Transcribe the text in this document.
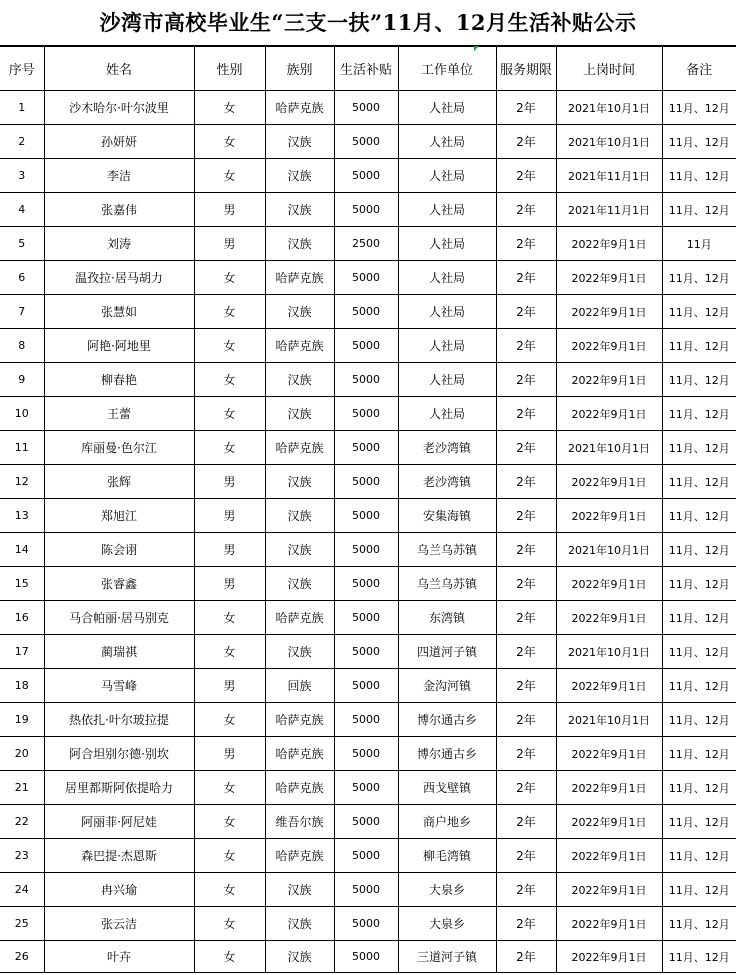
沙湾市高校毕业生“三支一扶”11月、12月生活补贴公示
序号	姓名	性别	族别	生活补贴	工作单位	服务期限	上岗时间	备注
1	沙木哈尔·叶尔波里	女	哈萨克族	5000	人社局	2年	2021年10月1日	11月、12月
2	孙妍妍	女	汉族	5000	人社局	2年	2021年10月1日	11月、12月
3	李洁	女	汉族	5000	人社局	2年	2021年11月1日	11月、12月
4	张嘉伟	男	汉族	5000	人社局	2年	2021年11月1日	11月、12月
5	刘涛	男	汉族	2500	人社局	2年	2022年9月1日	11月
6	温孜拉·居马胡力	女	哈萨克族	5000	人社局	2年	2022年9月1日	11月、12月
7	张慧如	女	汉族	5000	人社局	2年	2022年9月1日	11月、12月
8	阿艳·阿地里	女	哈萨克族	5000	人社局	2年	2022年9月1日	11月、12月
9	柳春艳	女	汉族	5000	人社局	2年	2022年9月1日	11月、12月
10	王蕾	女	汉族	5000	人社局	2年	2022年9月1日	11月、12月
11	库丽曼·色尔江	女	哈萨克族	5000	老沙湾镇	2年	2021年10月1日	11月、12月
12	张辉	男	汉族	5000	老沙湾镇	2年	2022年9月1日	11月、12月
13	郑旭江	男	汉族	5000	安集海镇	2年	2022年9月1日	11月、12月
14	陈会诩	男	汉族	5000	乌兰乌苏镇	2年	2021年10月1日	11月、12月
15	张睿鑫	男	汉族	5000	乌兰乌苏镇	2年	2022年9月1日	11月、12月
16	马合帕丽·居马别克	女	哈萨克族	5000	东湾镇	2年	2022年9月1日	11月、12月
17	蔺瑞祺	女	汉族	5000	四道河子镇	2年	2021年10月1日	11月、12月
18	马雪峰	男	回族	5000	金沟河镇	2年	2022年9月1日	11月、12月
19	热依扎·叶尔玻拉提	女	哈萨克族	5000	博尔通古乡	2年	2021年10月1日	11月、12月
20	阿合坦别尔德·别坎	男	哈萨克族	5000	博尔通古乡	2年	2022年9月1日	11月、12月
21	居里都斯阿依提哈力	女	哈萨克族	5000	西戈壁镇	2年	2022年9月1日	11月、12月
22	阿丽菲·阿尼娃	女	维吾尔族	5000	商户地乡	2年	2022年9月1日	11月、12月
23	森巴提·杰恩斯	女	哈萨克族	5000	柳毛湾镇	2年	2022年9月1日	11月、12月
24	冉兴瑜	女	汉族	5000	大泉乡	2年	2022年9月1日	11月、12月
25	张云洁	女	汉族	5000	大泉乡	2年	2022年9月1日	11月、12月
26	叶卉	女	汉族	5000	三道河子镇	2年	2022年9月1日	11月、12月
